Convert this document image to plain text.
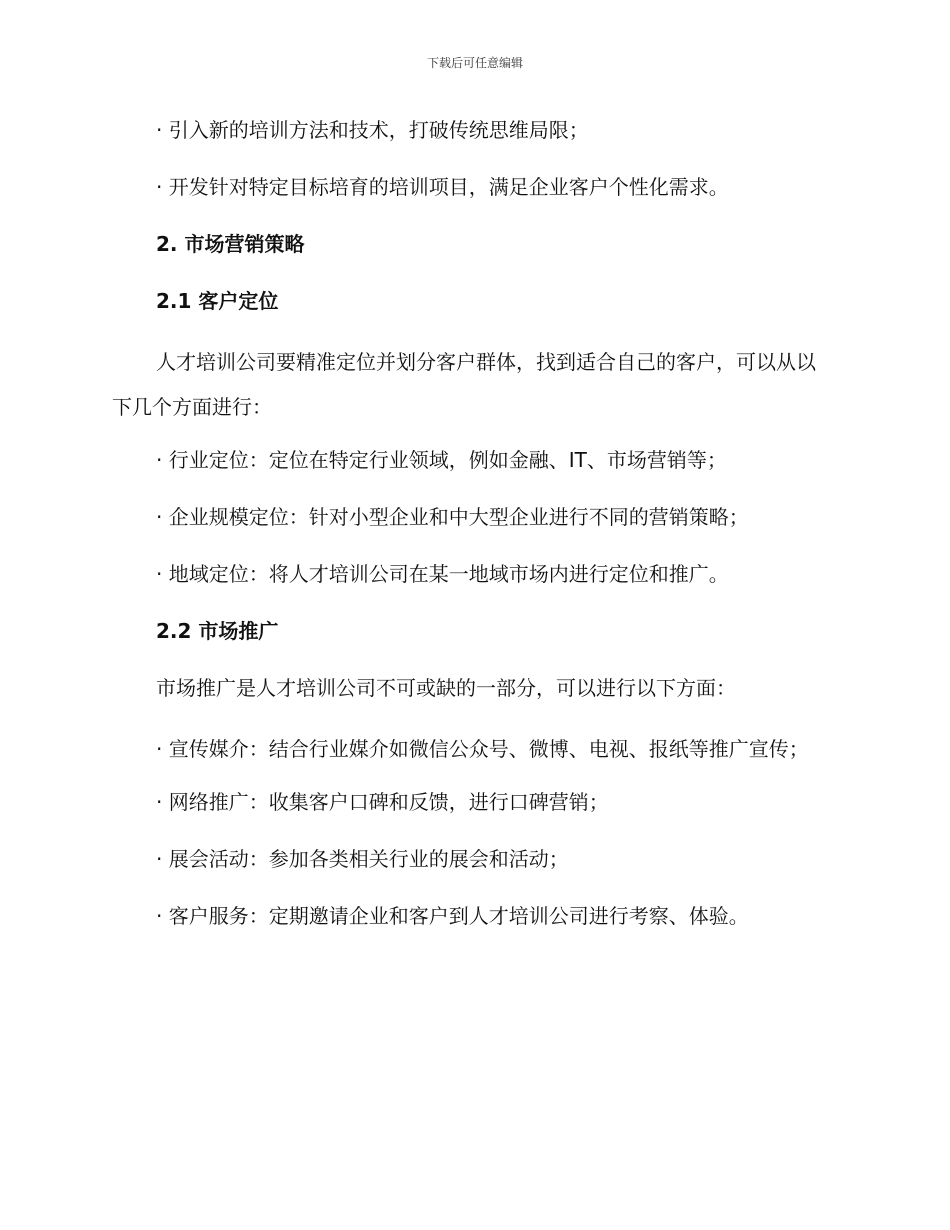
下载后可任意编辑

· 引入新的培训方法和技术，打破传统思维局限；

· 开发针对特定目标培育的培训项目，满足企业客户个性化需求。

2. 市场营销策略

2.1 客户定位

人才培训公司要精准定位并划分客户群体，找到适合自己的客户，可以从以下几个方面进行：

· 行业定位：定位在特定行业领域，例如金融、IT、市场营销等；

· 企业规模定位：针对小型企业和中大型企业进行不同的营销策略；

· 地域定位：将人才培训公司在某一地域市场内进行定位和推广。

2.2 市场推广

市场推广是人才培训公司不可或缺的一部分，可以进行以下方面：

· 宣传媒介：结合行业媒介如微信公众号、微博、电视、报纸等推广宣传；

· 网络推广：收集客户口碑和反馈，进行口碑营销；

· 展会活动：参加各类相关行业的展会和活动；

· 客户服务：定期邀请企业和客户到人才培训公司进行考察、体验。
